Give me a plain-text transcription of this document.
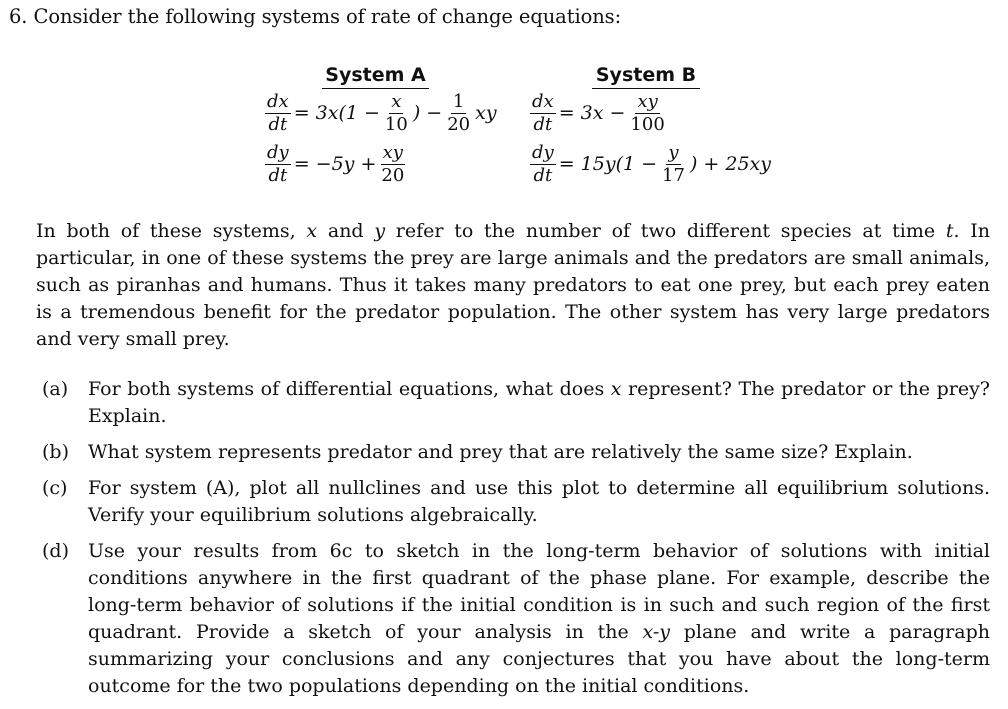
6. Consider the following systems of rate of change equations:
System A
$\frac{dx}{dt} = 3x(1 - \frac{x}{10}$ ) − $\frac{1}{20}$ xy
$\frac{dy}{dt} = -5y + \frac{xy}{20}$
System B
$\frac{dx}{dt} = 3x - \frac{xy}{100}$
$\frac{dy}{dt} = 15y(1 - \frac{y}{17}$ ) + 25xy
In both of these systems, x and y refer to the number of two different species at time t. In particular, in one of these systems the prey are large animals and the predators are small animals, such as piranhas and humans. Thus it takes many predators to eat one prey, but each prey eaten is a tremendous benefit for the predator population. The other system has very large predators and very small prey.
(a)	For both systems of differential equations, what does x represent? The predator or the prey? Explain.
(b)	What system represents predator and prey that are relatively the same size? Explain.
(c)	For system (A), plot all nullclines and use this plot to determine all equilibrium solutions. Verify your equilibrium solutions algebraically.
(d)	Use your results from 6c to sketch in the long-term behavior of solutions with initial conditions anywhere in the first quadrant of the phase plane. For example, describe the long-term behavior of solutions if the initial condition is in such and such region of the first quadrant. Provide a sketch of your analysis in the x-y plane and write a paragraph summarizing your conclusions and any conjectures that you have about the long-term outcome for the two populations depending on the initial conditions.
